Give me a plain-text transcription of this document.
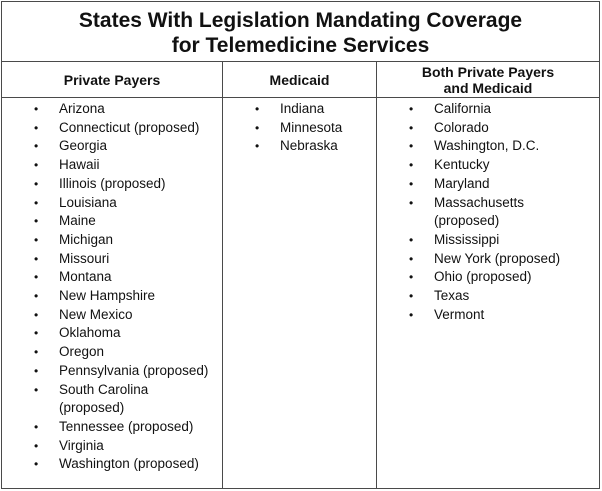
States With Legislation Mandating Coverage
for Telemedicine Services
Private Payers
• Arizona
• Connecticut (proposed)
• Georgia
• Hawaii
• Illinois (proposed)
• Louisiana
• Maine
• Michigan
• Missouri
• Montana
• New Hampshire
• New Mexico
• Oklahoma
• Oregon
• Pennsylvania (proposed)
• South Carolina
(proposed)
• Tennessee (proposed)
• Virginia
• Washington (proposed)
Medicaid
• Indiana
• Minnesota
• Nebraska
Both Private Payers
and Medicaid
• California
• Colorado
• Washington, D.C.
• Kentucky
• Maryland
• Massachusetts
(proposed)
• Mississippi
• New York (proposed)
• Ohio (proposed)
• Texas
• Vermont
